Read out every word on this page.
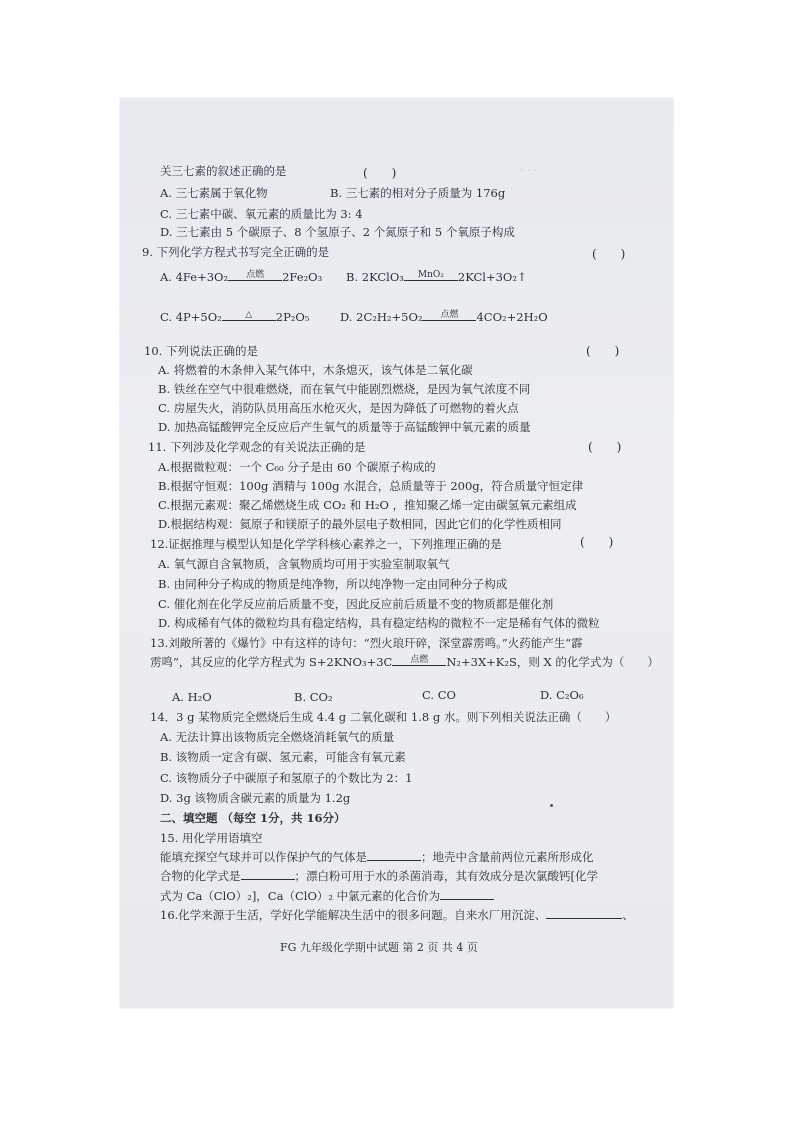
· · ·
关三七素的叙述正确的是	(　　)
A. 三七素属于氧化物	B. 三七素的相对分子质量为 176g
C. 三七素中碳、氧元素的质量比为 3: 4
D. 三七素由 5 个碳原子、8 个氢原子、2 个氮原子和 5 个氧原子构成
9. 下列化学方程式书写完全正确的是	(　　)
A. 4Fe+3O₂ 点燃 2Fe₂O₃ B. 2KClO₃ MnO₂ 2KCl+3O₂↑
C. 4P+5O₂	△ 2P₂O₅	D. 2C₂H₂+5O₂ 点燃 4CO₂+2H₂O
10. 下列说法正确的是	(　　)
A. 将燃着的木条伸入某气体中，木条熄灭，该气体是二氧化碳
B. 铁丝在空气中很难燃烧，而在氧气中能剧烈燃烧，是因为氧气浓度不同
C. 房屋失火，消防队员用高压水枪灭火，是因为降低了可燃物的着火点
D. 加热高锰酸钾完全反应后产生氧气的质量等于高锰酸钾中氧元素的质量
11. 下列涉及化学观念的有关说法正确的是	(　　)
A.根据微粒观：一个 C₆₀ 分子是由 60 个碳原子构成的
B.根据守恒观：100g 酒精与 100g 水混合，总质量等于 200g，符合质量守恒定律
C.根据元素观：聚乙烯燃烧生成 CO₂ 和 H₂O ，推知聚乙烯一定由碳氢氧元素组成
D.根据结构观：氦原子和镁原子的最外层电子数相同，因此它们的化学性质相同
12.证据推理与模型认知是化学学科核心素养之一，下列推理正确的是	(　　)
A. 氧气源自含氧物质，含氧物质均可用于实验室制取氧气
B. 由同种分子构成的物质是纯净物，所以纯净物一定由同种分子构成
C. 催化剂在化学反应前后质量不变，因此反应前后质量不变的物质都是催化剂
D. 构成稀有气体的微粒均具有稳定结构，具有稳定结构的微粒不一定是稀有气体的微粒
13.刘敞所著的《爆竹》中有这样的诗句：“烈火琅玕碎，深堂霹雳鸣。”火药能产生“霹
雳鸣”，其反应的化学方程式为 S+2KNO₃+3C 点燃 N₂+3X+K₂S，则 X 的化学式为（　　）
A. H₂O	B. CO₂	C. CO	D. C₂O₆
14．3 g 某物质完全燃烧后生成 4.4 g 二氧化碳和 1.8 g 水。则下列相关说法正确（　　）
A. 无法计算出该物质完全燃烧消耗氧气的质量
B. 该物质一定含有碳、氢元素，可能含有氧元素
C. 该物质分子中碳原子和氢原子的个数比为 2：1
D. 3g 该物质含碳元素的质量为 1.2g
二、填空题 （每空 1分，共 16分）
15. 用化学用语填空
能填充探空气球并可以作保护气的气体是	；地壳中含量前两位元素所形成化
合物的化学式是	；漂白粉可用于水的杀菌消毒，其有效成分是次氯酸钙[化学
式为 Ca（ClO）₂]，Ca（ClO）₂ 中氯元素的化合价为
16.化学来源于生活，学好化学能解决生活中的很多问题。自来水厂用沉淀、	、
FG 九年级化学期中试题 第 2 页 共 4 页
